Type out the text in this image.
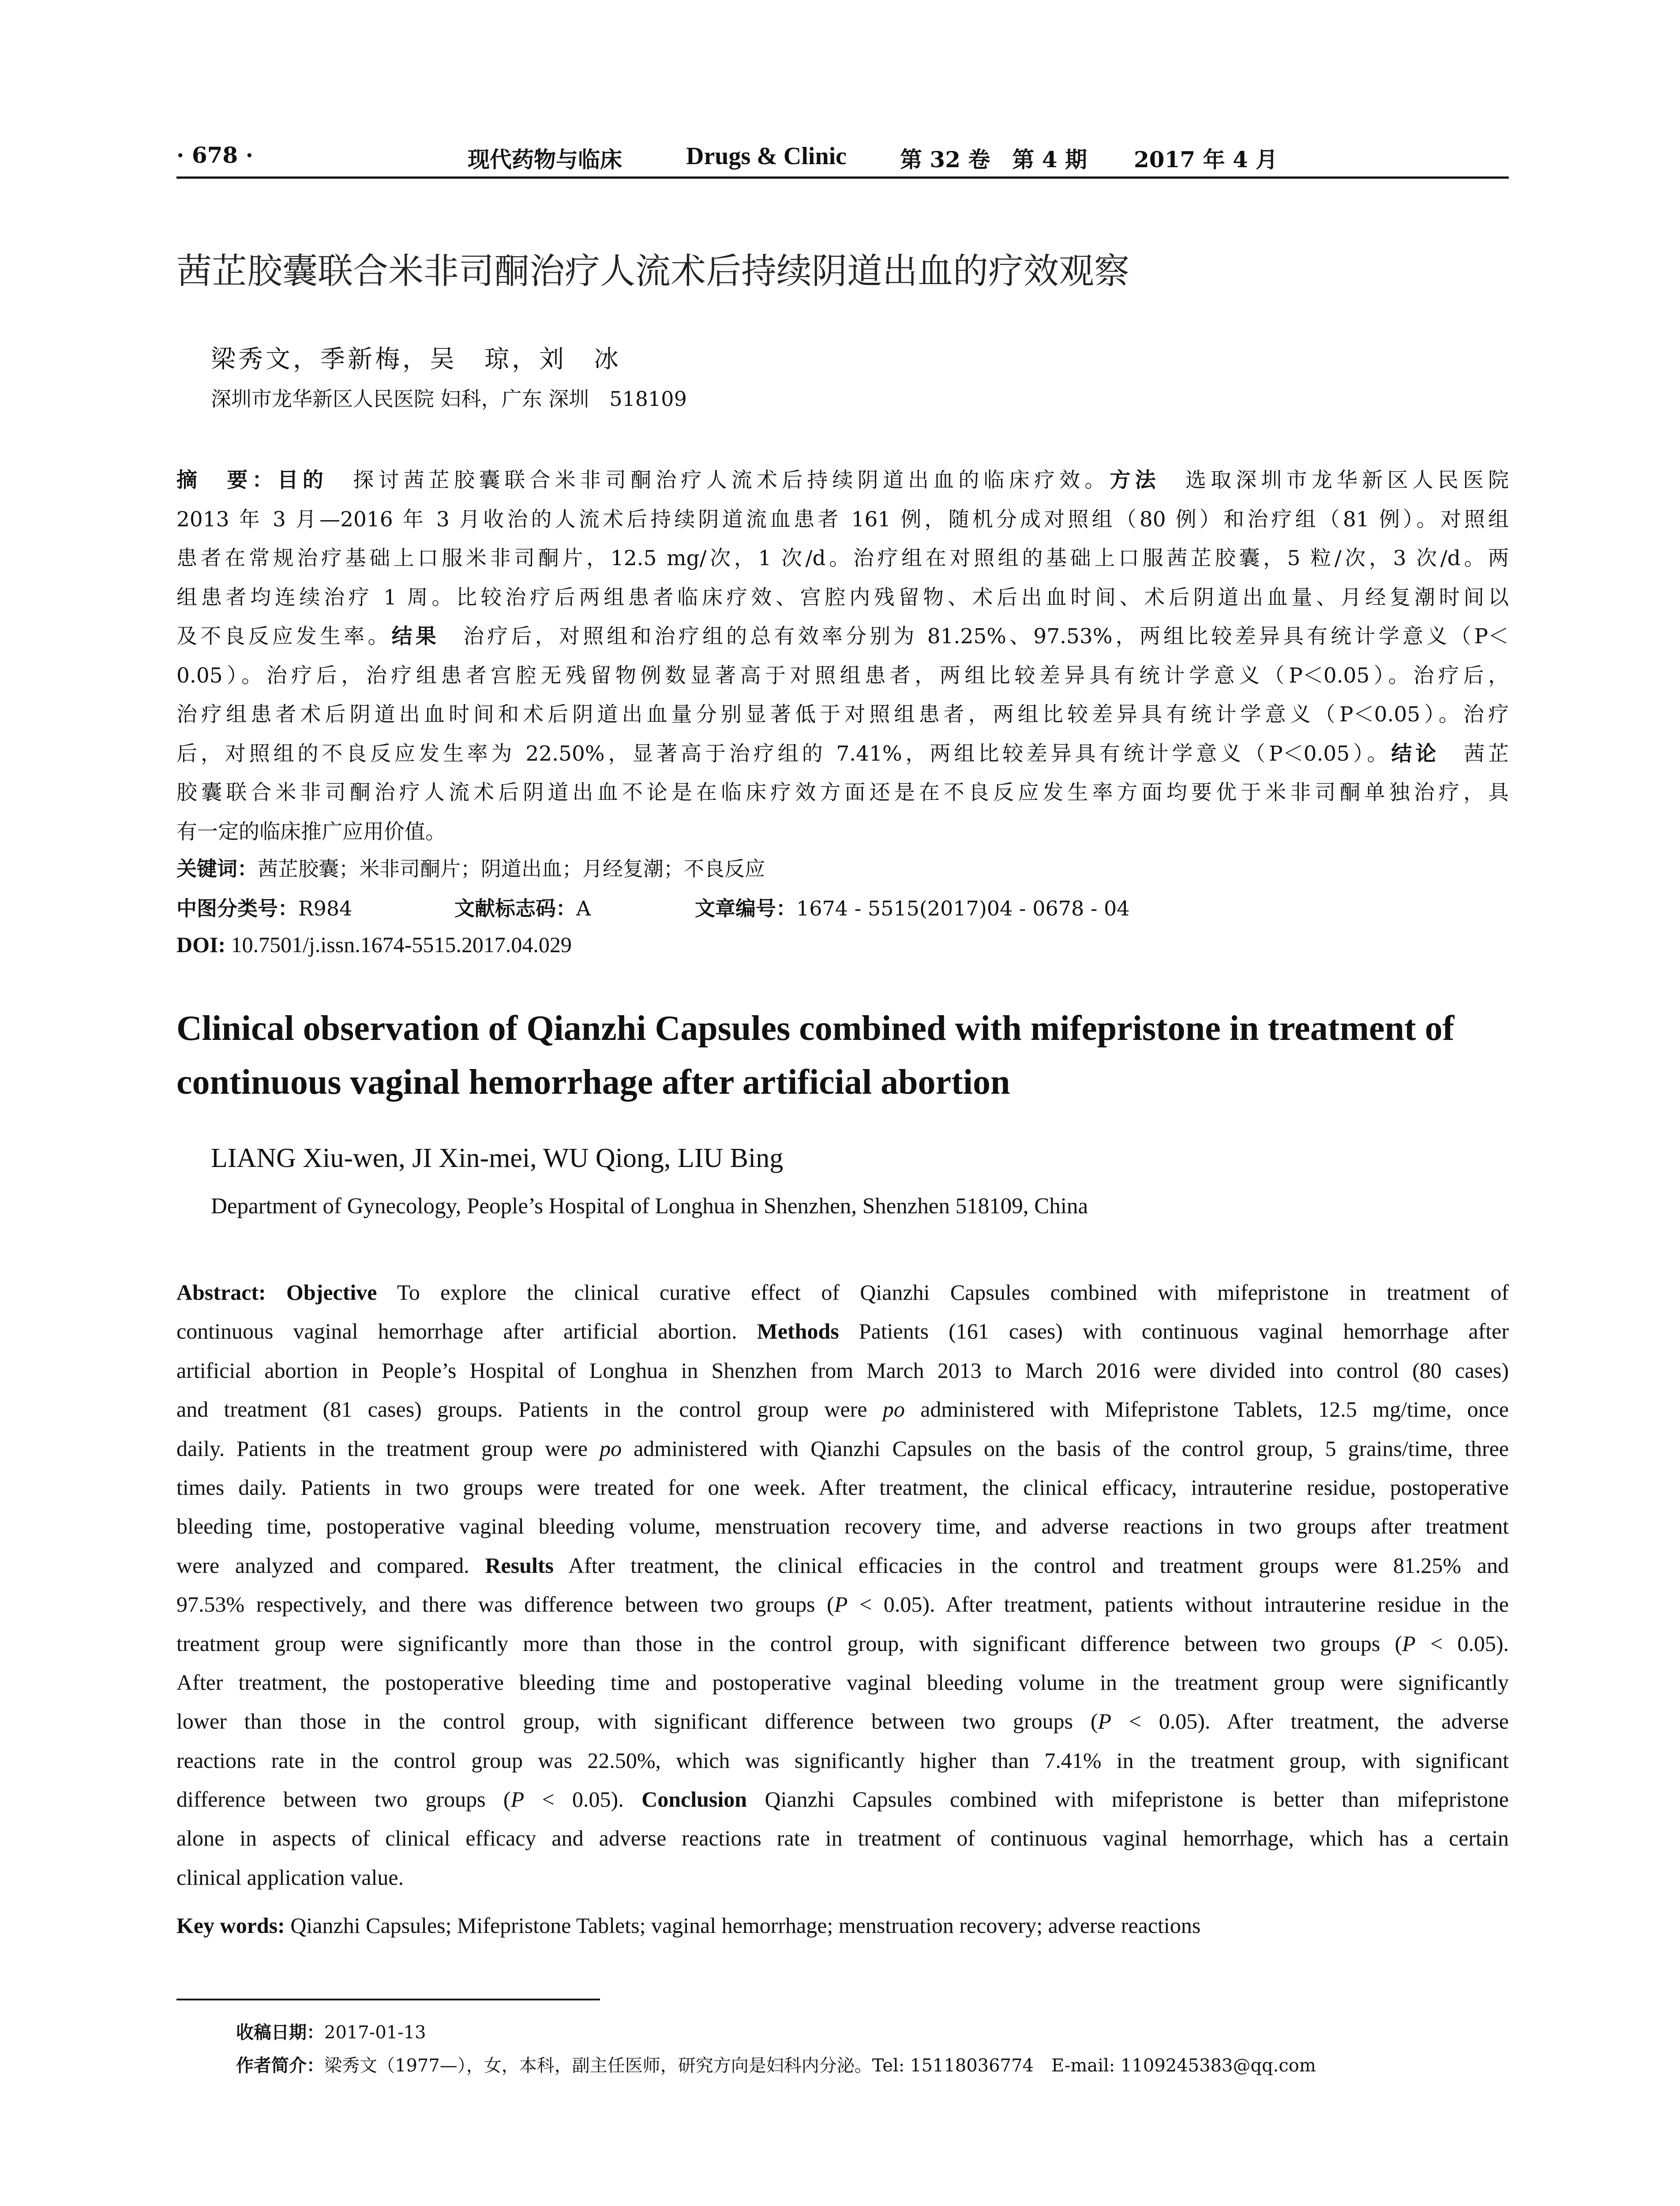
· 678 ·	现代药物与临床	Drugs & Clinic 第 32 卷　第 4 期 2017 年 4 月
茜芷胶囊联合米非司酮治疗人流术后持续阴道出血的疗效观察
梁秀文，季新梅，吴　琼，刘　冰
深圳市龙华新区人民医院 妇科，广东 深圳　518109
摘　要：目的　探讨茜芷胶囊联合米非司酮治疗人流术后持续阴道出血的临床疗效。方法　选取深圳市龙华新区人民医院
2013 年 3 月—2016 年 3 月收治的人流术后持续阴道流血患者 161 例，随机分成对照组（80 例）和治疗组（81 例）。对照组
患者在常规治疗基础上口服米非司酮片，12.5 mg/次，1 次/d。治疗组在对照组的基础上口服茜芷胶囊，5 粒/次，3 次/d。两
组患者均连续治疗 1 周。比较治疗后两组患者临床疗效、宫腔内残留物、术后出血时间、术后阴道出血量、月经复潮时间以
及不良反应发生率。结果　治疗后，对照组和治疗组的总有效率分别为 81.25%、97.53%，两组比较差异具有统计学意义（P＜
0.05）。治疗后，治疗组患者宫腔无残留物例数显著高于对照组患者，两组比较差异具有统计学意义（P＜0.05）。治疗后，
治疗组患者术后阴道出血时间和术后阴道出血量分别显著低于对照组患者，两组比较差异具有统计学意义（P＜0.05）。治疗
后，对照组的不良反应发生率为 22.50%，显著高于治疗组的 7.41%，两组比较差异具有统计学意义（P＜0.05）。结论　茜芷
胶囊联合米非司酮治疗人流术后阴道出血不论是在临床疗效方面还是在不良反应发生率方面均要优于米非司酮单独治疗，具
有一定的临床推广应用价值。
关键词：茜芷胶囊；米非司酮片；阴道出血；月经复潮；不良反应
中图分类号：R984	文献标志码：A	文章编号：1674 - 5515(2017)04 - 0678 - 04
DOI: 10.7501/j.issn.1674-5515.2017.04.029
Clinical observation of Qianzhi Capsules combined with mifepristone in treatment of continuous vaginal hemorrhage after artificial abortion
LIANG Xiu-wen, JI Xin-mei, WU Qiong, LIU Bing
Department of Gynecology, People’s Hospital of Longhua in Shenzhen, Shenzhen 518109, China
Abstract: Objective To explore the clinical curative effect of Qianzhi Capsules combined with mifepristone in treatment of
continuous vaginal hemorrhage after artificial abortion. Methods Patients (161 cases) with continuous vaginal hemorrhage after
artificial abortion in People’s Hospital of Longhua in Shenzhen from March 2013 to March 2016 were divided into control (80 cases)
and treatment (81 cases) groups. Patients in the control group were po administered with Mifepristone Tablets, 12.5 mg/time, once
daily. Patients in the treatment group were po administered with Qianzhi Capsules on the basis of the control group, 5 grains/time, three
times daily. Patients in two groups were treated for one week. After treatment, the clinical efficacy, intrauterine residue, postoperative
bleeding time, postoperative vaginal bleeding volume, menstruation recovery time, and adverse reactions in two groups after treatment
were analyzed and compared. Results After treatment, the clinical efficacies in the control and treatment groups were 81.25% and
97.53% respectively, and there was difference between two groups (P < 0.05). After treatment, patients without intrauterine residue in the
treatment group were significantly more than those in the control group, with significant difference between two groups (P < 0.05).
After treatment, the postoperative bleeding time and postoperative vaginal bleeding volume in the treatment group were significantly
lower than those in the control group, with significant difference between two groups (P < 0.05). After treatment, the adverse
reactions rate in the control group was 22.50%, which was significantly higher than 7.41% in the treatment group, with significant
difference between two groups (P < 0.05). Conclusion Qianzhi Capsules combined with mifepristone is better than mifepristone
alone in aspects of clinical efficacy and adverse reactions rate in treatment of continuous vaginal hemorrhage, which has a certain
clinical application value.
Key words: Qianzhi Capsules; Mifepristone Tablets; vaginal hemorrhage; menstruation recovery; adverse reactions
收稿日期：2017-01-13
作者简介：梁秀文（1977—），女，本科，副主任医师，研究方向是妇科内分泌。Tel: 15118036774　E-mail: 1109245383@qq.com
